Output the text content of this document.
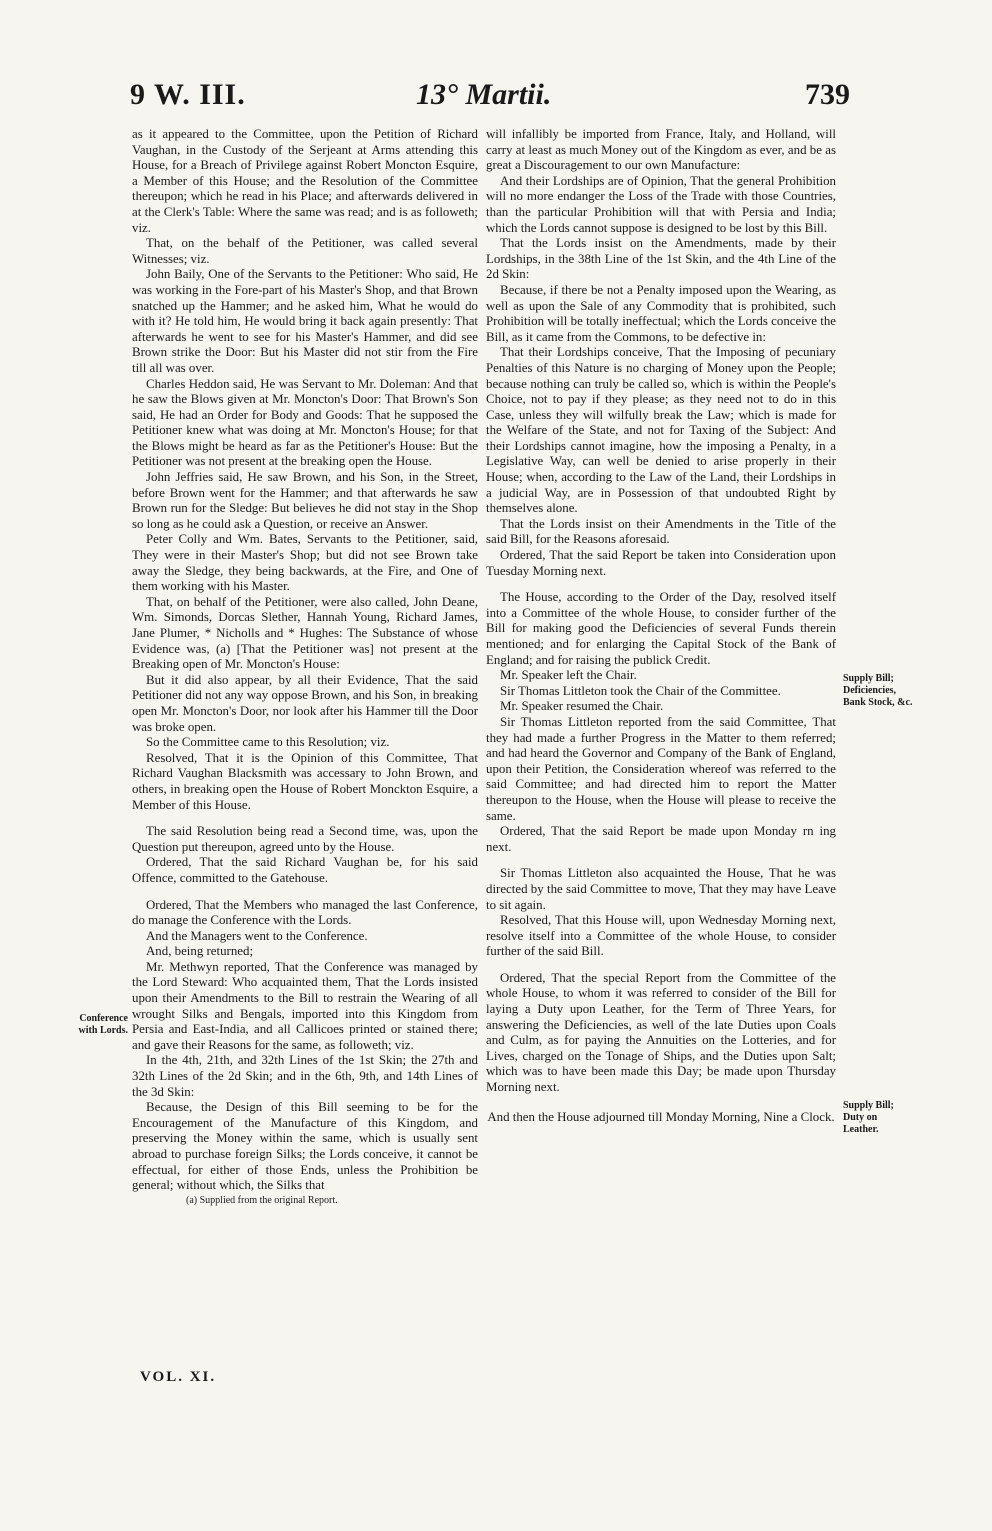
9 W. III.	13° Martii.	739

as it appeared to the Committee, upon the Petition of Richard Vaughan, in the Custody of the Serjeant at Arms attending this House, for a Breach of Privilege against Robert Moncton Esquire, a Member of this House; and the Resolution of the Committee thereupon; which he read in his Place; and afterwards delivered in at the Clerk's Table: Where the same was read; and is as followeth; viz.

That, on the behalf of the Petitioner, was called several Witnesses; viz.

John Baily, One of the Servants to the Petitioner: Who said, He was working in the Fore-part of his Master's Shop, and that Brown snatched up the Hammer; and he asked him, What he would do with it? He told him, He would bring it back again presently: That afterwards he went to see for his Master's Hammer, and did see Brown strike the Door: But his Master did not stir from the Fire till all was over.

Charles Heddon said, He was Servant to Mr. Doleman: And that he saw the Blows given at Mr. Moncton's Door: That Brown's Son said, He had an Order for Body and Goods: That he supposed the Petitioner knew what was doing at Mr. Moncton's House; for that the Blows might be heard as far as the Petitioner's House: But the Petitioner was not present at the breaking open the House.

John Jeffries said, He saw Brown, and his Son, in the Street, before Brown went for the Hammer; and that afterwards he saw Brown run for the Sledge: But believes he did not stay in the Shop so long as he could ask a Question, or receive an Answer.

Peter Colly and Wm. Bates, Servants to the Petitioner, said, They were in their Master's Shop; but did not see Brown take away the Sledge, they being backwards, at the Fire, and One of them working with his Master.

That, on behalf of the Petitioner, were also called, John Deane, Wm. Simonds, Dorcas Slether, Hannah Young, Richard James, Jane Plumer, * Nicholls and * Hughes: The Substance of whose Evidence was, (a) [That the Petitioner was] not present at the Breaking open of Mr. Moncton's House:

But it did also appear, by all their Evidence, That the said Petitioner did not any way oppose Brown, and his Son, in breaking open Mr. Moncton's Door, nor look after his Hammer till the Door was broke open.

So the Committee came to this Resolution; viz.

Resolved, That it is the Opinion of this Committee, That Richard Vaughan Blacksmith was accessary to John Brown, and others, in breaking open the House of Robert Monckton Esquire, a Member of this House.

The said Resolution being read a Second time, was, upon the Question put thereupon, agreed unto by the House.

Ordered, That the said Richard Vaughan be, for his said Offence, committed to the Gatehouse.

Ordered, That the Members who managed the last Conference, do manage the Conference with the Lords.

And the Managers went to the Conference.

And, being returned;

Mr. Methwyn reported, That the Conference was managed by the Lord Steward: Who acquainted them, That the Lords insisted upon their Amendments to the Bill to restrain the Wearing of all wrought Silks and Bengals, imported into this Kingdom from Persia and East-India, and all Callicoes printed or stained there; and gave their Reasons for the same, as followeth; viz.

In the 4th, 21th, and 32th Lines of the 1st Skin; the 27th and 32th Lines of the 2d Skin; and in the 6th, 9th, and 14th Lines of the 3d Skin:

Because, the Design of this Bill seeming to be for the Encouragement of the Manufacture of this Kingdom, and preserving the Money within the same, which is usually sent abroad to purchase foreign Silks; the Lords conceive, it cannot be effectual, for either of those Ends, unless the Prohibition be general; without which, the Silks that

(a) Supplied from the original Report.

will infallibly be imported from France, Italy, and Holland, will carry at least as much Money out of the Kingdom as ever, and be as great a Discouragement to our own Manufacture:

And their Lordships are of Opinion, That the general Prohibition will no more endanger the Loss of the Trade with those Countries, than the particular Prohibition will that with Persia and India; which the Lords cannot suppose is designed to be lost by this Bill.

That the Lords insist on the Amendments, made by their Lordships, in the 38th Line of the 1st Skin, and the 4th Line of the 2d Skin:

Because, if there be not a Penalty imposed upon the Wearing, as well as upon the Sale of any Commodity that is prohibited, such Prohibition will be totally ineffectual; which the Lords conceive the Bill, as it came from the Commons, to be defective in:

That their Lordships conceive, That the Imposing of pecuniary Penalties of this Nature is no charging of Money upon the People; because nothing can truly be called so, which is within the People's Choice, not to pay if they please; as they need not to do in this Case, unless they will wilfully break the Law; which is made for the Welfare of the State, and not for Taxing of the Subject: And their Lordships cannot imagine, how the imposing a Penalty, in a Legislative Way, can well be denied to arise properly in their House; when, according to the Law of the Land, their Lordships in a judicial Way, are in Possession of that undoubted Right by themselves alone.

That the Lords insist on their Amendments in the Title of the said Bill, for the Reasons aforesaid.

Ordered, That the said Report be taken into Consideration upon Tuesday Morning next.

The House, according to the Order of the Day, resolved itself into a Committee of the whole House, to consider further of the Bill for making good the Deficiencies of several Funds therein mentioned; and for enlarging the Capital Stock of the Bank of England; and for raising the publick Credit.

Mr. Speaker left the Chair.

Sir Thomas Littleton took the Chair of the Committee.

Mr. Speaker resumed the Chair.

Sir Thomas Littleton reported from the said Committee, That they had made a further Progress in the Matter to them referred; and had heard the Governor and Company of the Bank of England, upon their Petition, the Consideration whereof was referred to the said Committee; and had directed him to report the Matter thereupon to the House, when the House will please to receive the same.

Ordered, That the said Report be made upon Monday rn ing next.

Sir Thomas Littleton also acquainted the House, That he was directed by the said Committee to move, That they may have Leave to sit again.

Resolved, That this House will, upon Wednesday Morning next, resolve itself into a Committee of the whole House, to consider further of the said Bill.

Ordered, That the special Report from the Committee of the whole House, to whom it was referred to consider of the Bill for laying a Duty upon Leather, for the Term of Three Years, for answering the Deficiencies, as well of the late Duties upon Coals and Culm, as for paying the Annuities on the Lotteries, and for Lives, charged on the Tonage of Ships, and the Duties upon Salt; which was to have been made this Day; be made upon Thursday Morning next.

And then the House adjourned till Monday Morning, Nine a Clock.

Conference with Lords.
Supply Bill; Deficiencies, Bank Stock, &c.
Supply Bill; Duty on Leather.
VOL. XI.
